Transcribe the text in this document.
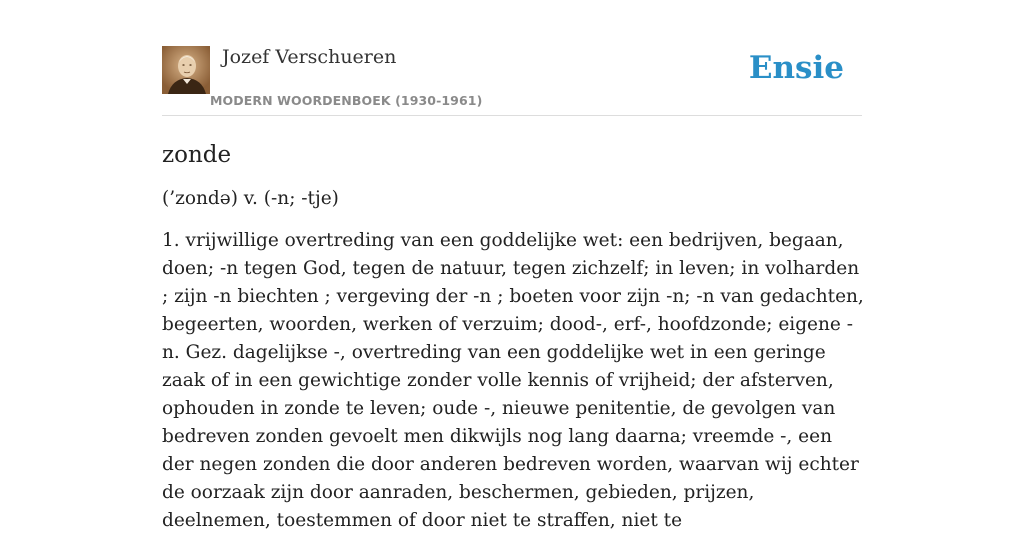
Jozef Verschueren
MODERN WOORDENBOEK (1930-1961)
Ensie
zonde

(’zondə) v. (-n; -tje)

1. vrijwillige overtreding van een goddelijke wet: een bedrijven, begaan, doen; -n tegen God, tegen de natuur, tegen zichzelf; in leven; in volharden ; zijn -n biechten ; vergeving der -n ; boeten voor zijn -n; -n van gedachten, begeerten, woorden, werken of verzuim; dood-, erf-, hoofdzonde; eigene -n. Gez. dagelijkse -, overtreding van een goddelijke wet in een geringe zaak of in een gewichtige zonder volle kennis of vrijheid; der afsterven, ophouden in zonde te leven; oude -, nieuwe penitentie, de gevolgen van bedreven zonden gevoelt men dikwijls nog lang daarna; vreemde -, een der negen zonden die door anderen bedreven worden, waarvan wij echter de oorzaak zijn door aanraden, beschermen, gebieden, prijzen, deelnemen, toestemmen of door niet te straffen, niet te
